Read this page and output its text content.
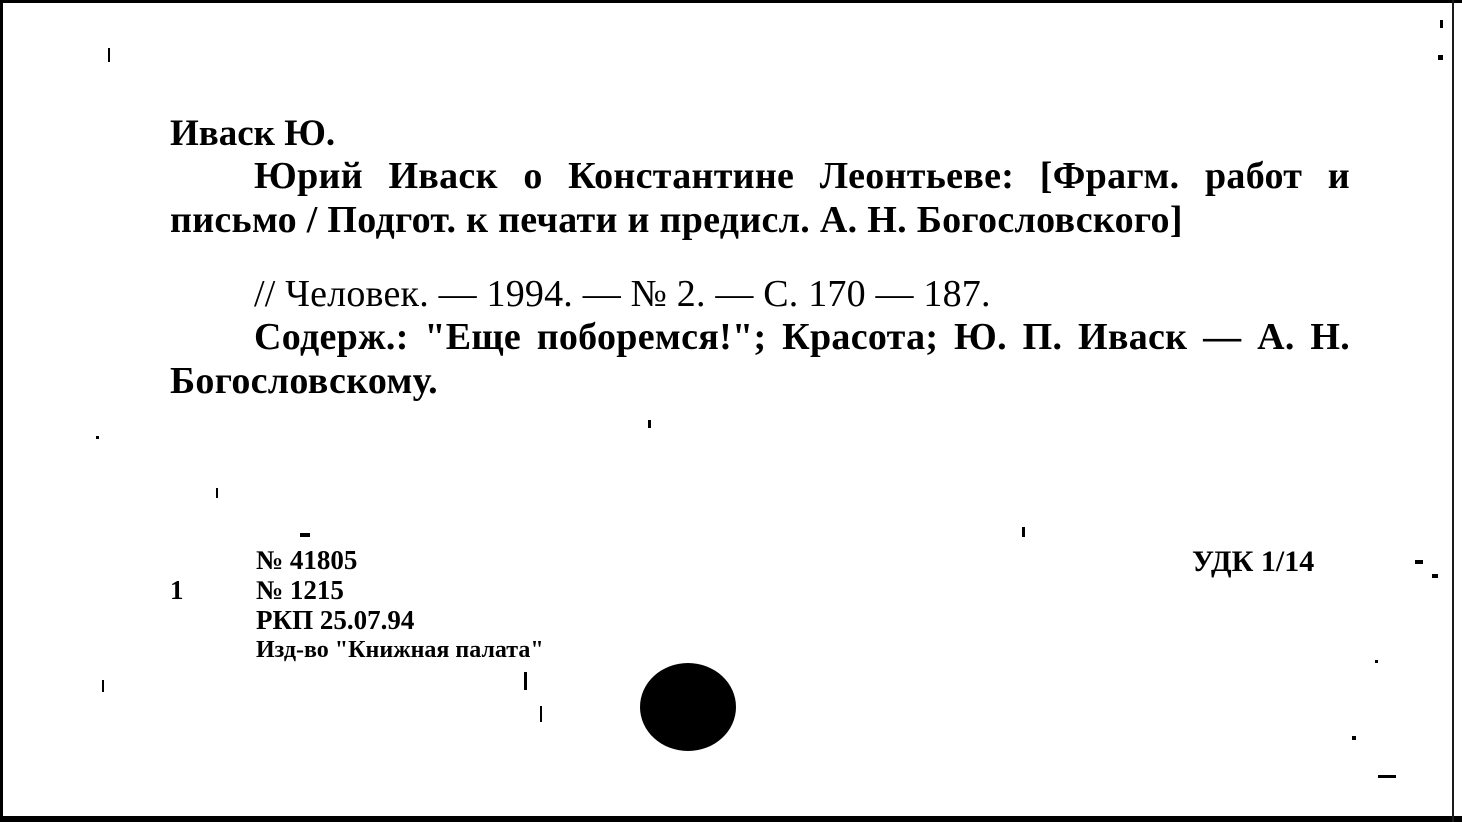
Иваск Ю.
Юрий Иваск о Константине Леонтьеве: [Фрагм. работ и письмо / Подгот. к печати и предисл. А. Н. Богословского]
// Человек. — 1994. — № 2. — С. 170 — 187.
Содерж.: "Еще поборемся!"; Красота; Ю. П. Иваск — А. Н. Богословскому.
1
№ 41805
№ 1215
РКП 25.07.94
Изд-во "Книжная палата"
УДК 1/14
